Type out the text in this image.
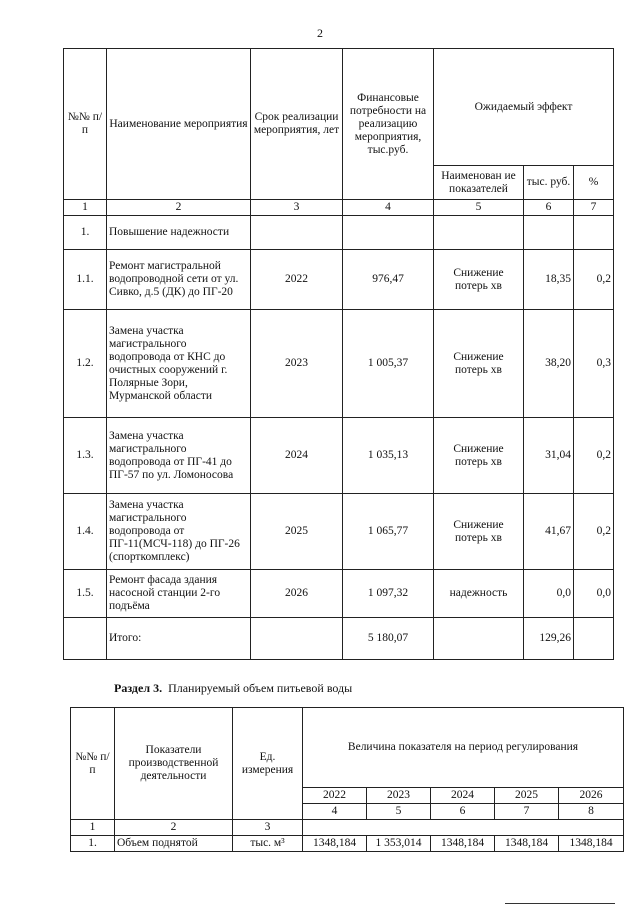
2
№№ п/п	Наименование мероприятия	Срок реализации мероприятия, лет	Финансовые потребности на реализацию мероприятия, тыс.руб.	Ожидаемый эффект		
				Наименован ие показателей	тыс. руб.	%
1	2	3	4	5	6	7
1.	Повышение надежности					
1.1.	Ремонт магистральной водопроводной сети от ул. Сивко, д.5 (ДК) до ПГ-20	2022	976,47	Снижение потерь хв	18,35	0,2
1.2.	Замена участка магистрального водопровода от КНС до очистных сооружений г. Полярные Зори, Мурманской области	2023	1 005,37	Снижение потерь хв	38,20	0,3
1.3.	Замена участка магистрального водопровода от ПГ-41 до ПГ-57 по ул. Ломоносова	2024	1 035,13	Снижение потерь хв	31,04	0,2
1.4.	Замена участка магистрального водопровода от ПГ-11(МСЧ-118) до ПГ-26 (спорткомплекс)	2025	1 065,77	Снижение потерь хв	41,67	0,2
1.5.	Ремонт фасада здания насосной станции 2-го подъёма	2026	1 097,32	надежность	0,0	0,0
	Итого:		5 180,07		129,26	
Раздел 3. Планируемый объем питьевой воды
№№ п/п	Показатели производственной деятельности	Ед. измерения	Величина показателя на период регулирования				
			2022	2023	2024	2025	2026
			4	5	6	7	8
1	2	3					
1.	Объем поднятой	тыс. м³	1348,184	1 353,014	1348,184	1348,184	1348,184
